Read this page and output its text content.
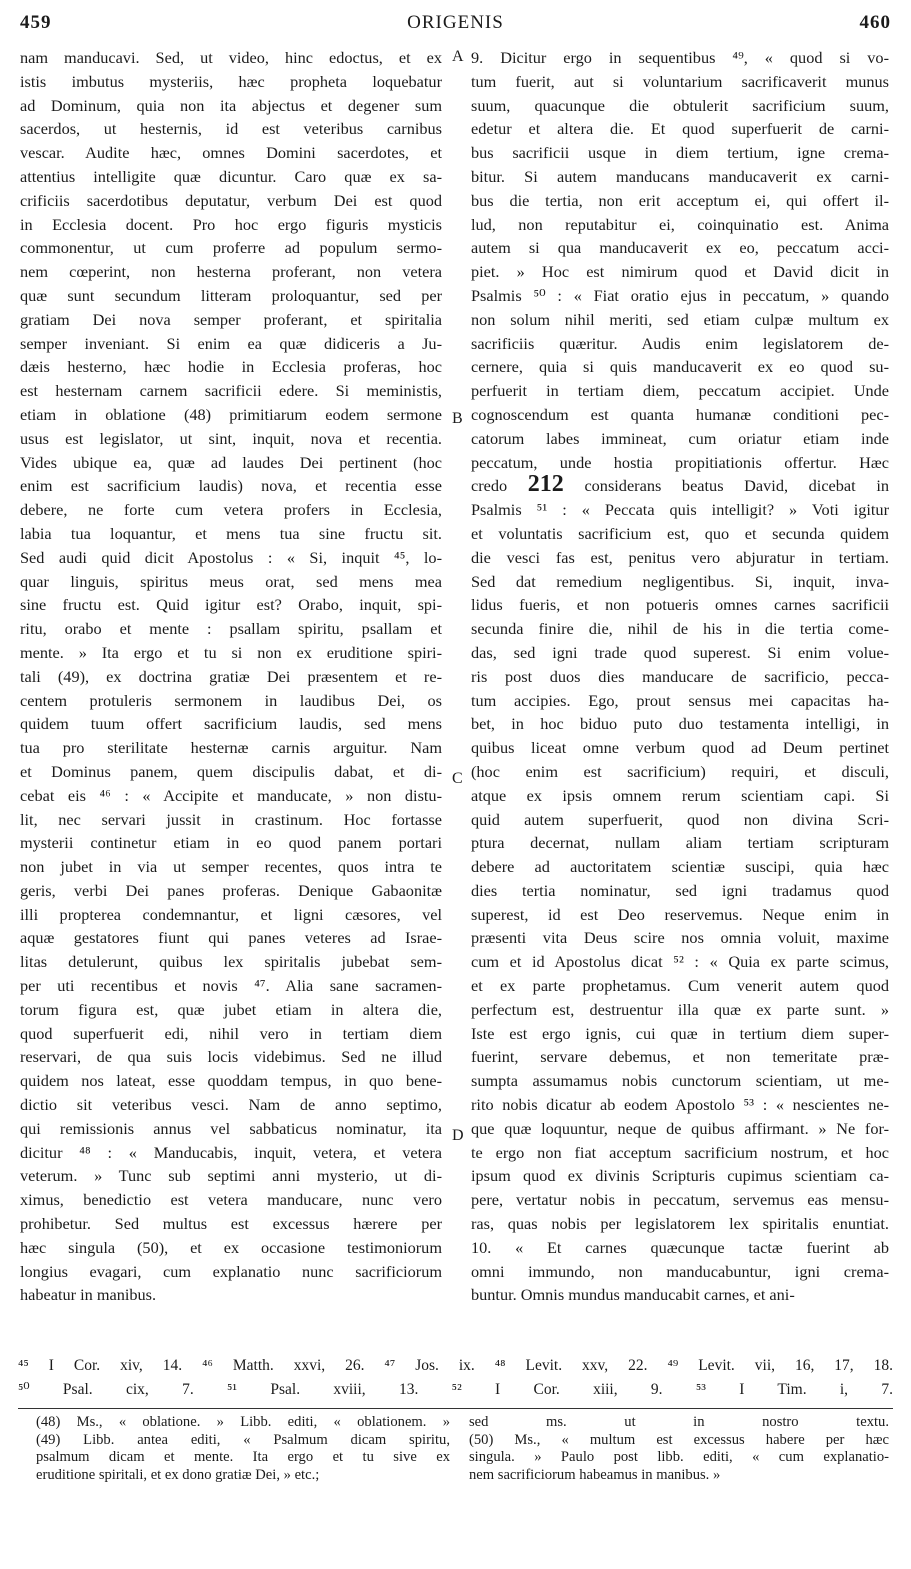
459	ORIGENIS	460
nam manducavi. Sed, ut video, hinc edoctus, et ex
istis imbutus mysteriis, hæc propheta loquebatur
ad Dominum, quia non ita abjectus et degener sum
sacerdos, ut hesternis, id est veteribus carnibus
vescar. Audite hæc, omnes Domini sacerdotes, et
attentius intelligite quæ dicuntur. Caro quæ ex sa-
crificiis sacerdotibus deputatur, verbum Dei est quod
in Ecclesia docent. Pro hoc ergo figuris mysticis
commonentur, ut cum proferre ad populum sermo-
nem cœperint, non hesterna proferant, non vetera
quæ sunt secundum litteram proloquantur, sed per
gratiam Dei nova semper proferant, et spiritalia
semper inveniant. Si enim ea quæ didiceris a Ju-
dæis hesterno, hæc hodie in Ecclesia proferas, hoc
est hesternam carnem sacrificii edere. Si meministis,
etiam in oblatione (48) primitiarum eodem sermone
usus est legislator, ut sint, inquit, nova et recentia.
Vides ubique ea, quæ ad laudes Dei pertinent (hoc
enim est sacrificium laudis) nova, et recentia esse
debere, ne forte cum vetera profers in Ecclesia,
labia tua loquantur, et mens tua sine fructu sit.
Sed audi quid dicit Apostolus : « Si, inquit ⁴⁵, lo-
quar linguis, spiritus meus orat, sed mens mea
sine fructu est. Quid igitur est? Orabo, inquit, spi-
ritu, orabo et mente : psallam spiritu, psallam et
mente. » Ita ergo et tu si non ex eruditione spiri-
tali (49), ex doctrina gratiæ Dei præsentem et re-
centem protuleris sermonem in laudibus Dei, os
quidem tuum offert sacrificium laudis, sed mens
tua pro sterilitate hesternæ carnis arguitur. Nam
et Dominus panem, quem discipulis dabat, et di-
cebat eis ⁴⁶ : « Accipite et manducate, » non distu-
lit, nec servari jussit in crastinum. Hoc fortasse
mysterii continetur etiam in eo quod panem portari
non jubet in via ut semper recentes, quos intra te
geris, verbi Dei panes proferas. Denique Gabaonitæ
illi propterea condemnantur, et ligni cæsores, vel
aquæ gestatores fiunt qui panes veteres ad Israe-
litas detulerunt, quibus lex spiritalis jubebat sem-
per uti recentibus et novis ⁴⁷. Alia sane sacramen-
torum figura est, quæ jubet etiam in altera die,
quod superfuerit edi, nihil vero in tertiam diem
reservari, de qua suis locis videbimus. Sed ne illud
quidem nos lateat, esse quoddam tempus, in quo bene-
dictio sit veteribus vesci. Nam de anno septimo,
qui remissionis annus vel sabbaticus nominatur, ita
dicitur ⁴⁸ : « Manducabis, inquit, vetera, et vetera
veterum. » Tunc sub septimi anni mysterio, ut di-
ximus, benedictio est vetera manducare, nunc vero
prohibetur. Sed multus est excessus hærere per
hæc singula (50), et ex occasione testimoniorum
longius evagari, cum explanatio nunc sacrificiorum
habeatur in manibus.
9. Dicitur ergo in sequentibus ⁴⁹, « quod si vo-
tum fuerit, aut si voluntarium sacrificaverit munus
suum, quacunque die obtulerit sacrificium suum,
edetur et altera die. Et quod superfuerit de carni-
bus sacrificii usque in diem tertium, igne crema-
bitur. Si autem manducans manducaverit ex carni-
bus die tertia, non erit acceptum ei, qui offert il-
lud, non reputabitur ei, coinquinatio est. Anima
autem si qua manducaverit ex eo, peccatum acci-
piet. » Hoc est nimirum quod et David dicit in
Psalmis ⁵⁰ : « Fiat oratio ejus in peccatum, » quando
non solum nihil meriti, sed etiam culpæ multum ex
sacrificiis quæritur. Audis enim legislatorem de-
cernere, quia si quis manducaverit ex eo quod su-
perfuerit in tertiam diem, peccatum accipiet. Unde
cognoscendum est quanta humanæ conditioni pec-
catorum labes immineat, cum oriatur etiam inde
peccatum, unde hostia propitiationis offertur. Hæc
credo 212 considerans beatus David, dicebat in
Psalmis ⁵¹ : « Peccata quis intelligit? » Voti igitur
et voluntatis sacrificium est, quo et secunda quidem
die vesci fas est, penitus vero abjuratur in tertiam.
Sed dat remedium negligentibus. Si, inquit, inva-
lidus fueris, et non potueris omnes carnes sacrificii
secunda finire die, nihil de his in die tertia come-
das, sed igni trade quod superest. Si enim volue-
ris post duos dies manducare de sacrificio, pecca-
tum accipies. Ego, prout sensus mei capacitas ha-
bet, in hoc biduo puto duo testamenta intelligi, in
quibus liceat omne verbum quod ad Deum pertinet
(hoc enim est sacrificium) requiri, et disculi,
atque ex ipsis omnem rerum scientiam capi. Si
quid autem superfuerit, quod non divina Scri-
ptura decernat, nullam aliam tertiam scripturam
debere ad auctoritatem scientiæ suscipi, quia hæc
dies tertia nominatur, sed igni tradamus quod
superest, id est Deo reservemus. Neque enim in
præsenti vita Deus scire nos omnia voluit, maxime
cum et id Apostolus dicat ⁵² : « Quia ex parte scimus,
et ex parte prophetamus. Cum venerit autem quod
perfectum est, destruentur illa quæ ex parte sunt. »
Iste est ergo ignis, cui quæ in tertium diem super-
fuerint, servare debemus, et non temeritate præ-
sumpta assumamus nobis cunctorum scientiam, ut me-
rito nobis dicatur ab eodem Apostolo ⁵³ : « nescientes ne-
que quæ loquuntur, neque de quibus affirmant. » Ne for-
te ergo non fiat acceptum sacrificium nostrum, et hoc
ipsum quod ex divinis Scripturis cupimus scientiam ca-
pere, vertatur nobis in peccatum, servemus eas mensu-
ras, quas nobis per legislatorem lex spiritalis enuntiat.
10. « Et carnes quæcunque tactæ fuerint ab
omni immundo, non manducabuntur, igni crema-
buntur. Omnis mundus manducabit carnes, et ani-
A
B
C
D
⁴⁵ I Cor. xiv, 14. ⁴⁶ Matth. xxvi, 26. ⁴⁷ Jos. ix. ⁴⁸ Levit. xxv, 22. ⁴⁹ Levit. vii, 16, 17, 18.
⁵⁰ Psal. cix, 7. ⁵¹ Psal. xviii, 13. ⁵² I Cor. xiii, 9. ⁵³ I Tim. i, 7.
(48) Ms., « oblatione. » Libb. editi, « oblationem. »
(49) Libb. antea editi, « Psalmum dicam spiritu,
psalmum dicam et mente. Ita ergo et tu sive ex
eruditione spiritali, et ex dono gratiæ Dei, » etc.;
sed ms. ut in nostro textu.
(50) Ms., « multum est excessus habere per hæc
singula. » Paulo post libb. editi, « cum explanatio-
nem sacrificiorum habeamus in manibus. »
